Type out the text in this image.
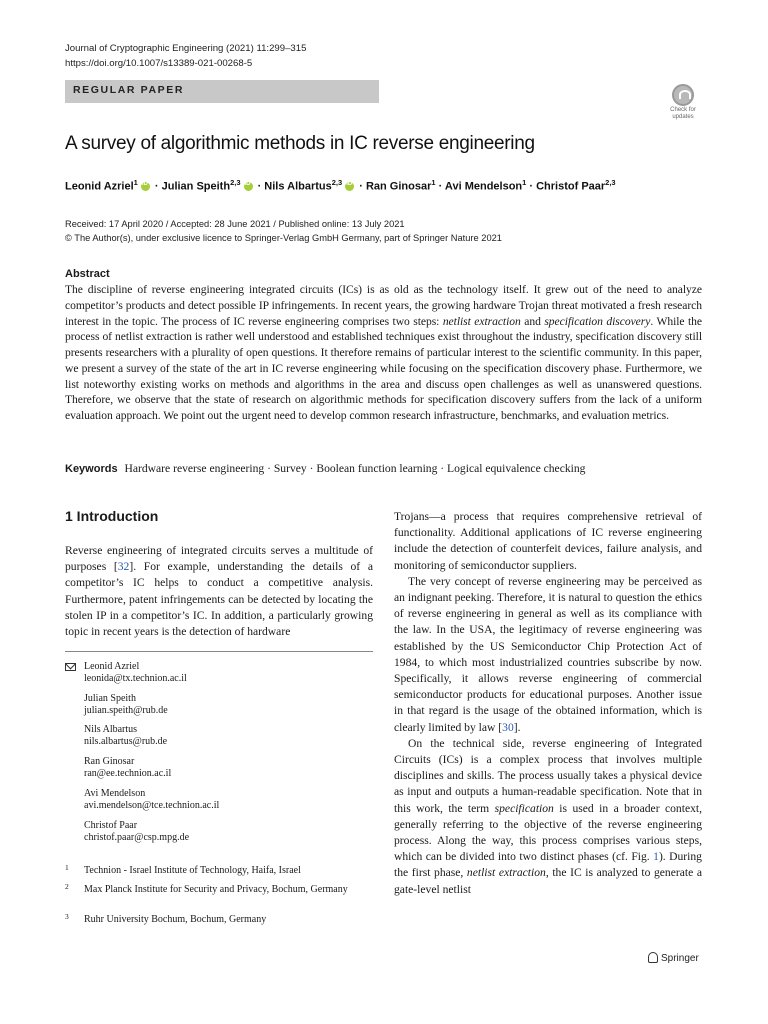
Journal of Cryptographic Engineering (2021) 11:299–315
https://doi.org/10.1007/s13389-021-00268-5
REGULAR PAPER
Check for
updates
A survey of algorithmic methods in IC reverse engineering
Leonid Azriel$^1$iD · Julian Speith$^{2,3}$iD · Nils Albartus$^{2,3}$iD · Ran Ginosar$^1$ · Avi Mendelson$^1$ · Christof Paar$^{2,3}$
Received: 17 April 2020 / Accepted: 28 June 2021 / Published online: 13 July 2021
© The Author(s), under exclusive licence to Springer-Verlag GmbH Germany, part of Springer Nature 2021
Abstract
The discipline of reverse engineering integrated circuits (ICs) is as old as the technology itself. It grew out of the need to analyze competitor’s products and detect possible IP infringements. In recent years, the growing hardware Trojan threat motivated a fresh research interest in the topic. The process of IC reverse engineering comprises two steps: netlist extraction and specification discovery. While the process of netlist extraction is rather well understood and established techniques exist throughout the industry, specification discovery still presents researchers with a plurality of open questions. It therefore remains of particular interest to the scientific community. In this paper, we present a survey of the state of the art in IC reverse engineering while focusing on the specification discovery phase. Furthermore, we list noteworthy existing works on methods and algorithms in the area and discuss open challenges as well as unanswered questions. Therefore, we observe that the state of research on algorithmic methods for specification discovery suffers from the lack of a uniform evaluation approach. We point out the urgent need to develop common research infrastructure, benchmarks, and evaluation metrics.
Keywords Hardware reverse engineering · Survey · Boolean function learning · Logical equivalence checking
1 Introduction
Reverse engineering of integrated circuits serves a multitude of purposes [32]. For example, understanding the details of a competitor’s IC helps to conduct a competitive analysis. Furthermore, patent infringements can be detected by locating the stolen IP in a competitor’s IC. In addition, a particularly growing topic in recent years is the detection of hardware
Leonid Azriel
leonida@tx.technion.ac.il
Julian Speith
julian.speith@rub.de
Nils Albartus
nils.albartus@rub.de
Ran Ginosar
ran@ee.technion.ac.il
Avi Mendelson
avi.mendelson@tce.technion.ac.il
Christof Paar
christof.paar@csp.mpg.de
1 Technion - Israel Institute of Technology, Haifa, Israel
2 Max Planck Institute for Security and Privacy, Bochum, Germany
3 Ruhr University Bochum, Bochum, Germany

Trojans—a process that requires comprehensive retrieval of functionality. Additional applications of IC reverse engineering include the detection of counterfeit devices, failure analysis, and monitoring of semiconductor suppliers.

The very concept of reverse engineering may be perceived as an indignant peeking. Therefore, it is natural to question the ethics of reverse engineering in general as well as its compliance with the law. In the USA, the legitimacy of reverse engineering was established by the US Semiconductor Chip Protection Act of 1984, to which most industrialized countries subscribe by now. Specifically, it allows reverse engineering of commercial semiconductor products for educational purposes. Another issue in that regard is the usage of the obtained information, which is clearly limited by law [30].

On the technical side, reverse engineering of Integrated Circuits (ICs) is a complex process that involves multiple disciplines and skills. The process usually takes a physical device as input and outputs a human-readable specification. Note that in this work, the term specification is used in a broader context, generally referring to the objective of the reverse engineering process. Along the way, this process comprises various steps, which can be divided into two distinct phases (cf. Fig. 1). During the first phase, netlist extraction, the IC is analyzed to generate a gate-level netlist

Springer
